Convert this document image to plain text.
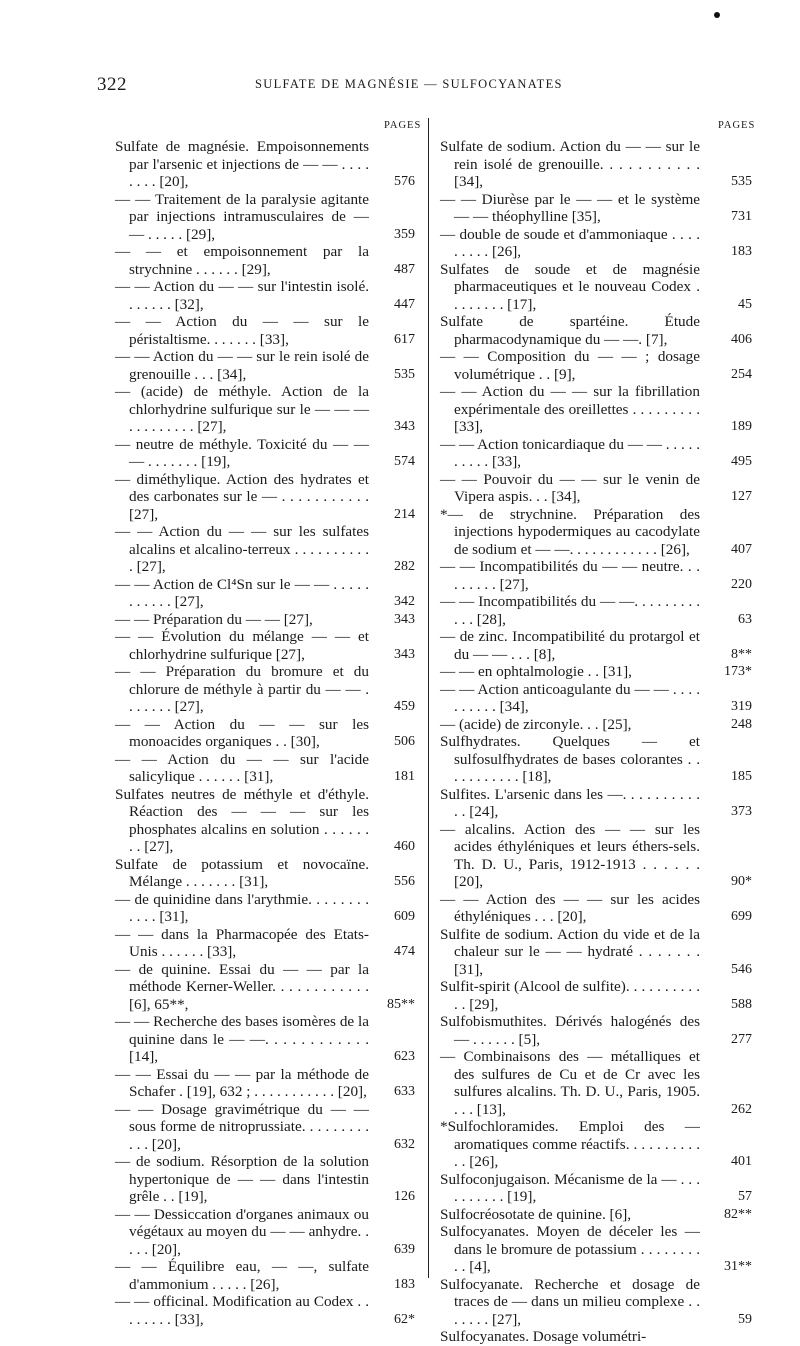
322	SULFATE DE MAGNÉSIE — SULFOCYANATES
PAGES	PAGES
Sulfate de magnésie. Empoisonnements par l'arsenic et injections de — — . . . . . . . . [20],	576
— — Traitement de la paralysie agitante par injections intramusculaires de — — . . . . . [29],	359
— — et empoisonnement par la strychnine . . . . . . [29],	487
— — Action du — — sur l'intestin isolé. . . . . . . [32],	447
— — Action du — — sur le péristaltisme. . . . . . . [33],	617
— — Action du — — sur le rein isolé de grenouille . . . [34],	535
— (acide) de méthyle. Action de la chlorhydrine sulfurique sur le — — — . . . . . . . . . [27],	343
— neutre de méthyle. Toxicité du — — — . . . . . . . [19],	574
— diméthylique. Action des hydrates et des carbonates sur le — . . . . . . . . . . . [27],	214
— — Action du — — sur les sulfates alcalins et alcalino-terreux . . . . . . . . . . . [27],	282
— — Action de Cl⁴Sn sur le — — . . . . . . . . . . . [27],	342
— — Préparation du — — [27],	343
— — Évolution du mélange — — et chlorhydrine sulfurique [27],	343
— — Préparation du bromure et du chlorure de méthyle à partir du — — . . . . . . . [27],	459
— — Action du — — sur les monoacides organiques . . [30],	506
— — Action du — — sur l'acide salicylique . . . . . . [31],	181
Sulfates neutres de méthyle et d'éthyle. Réaction des — — — sur les phosphates alcalins en solution . . . . . . . . [27],	460
Sulfate de potassium et novocaïne. Mélange . . . . . . . [31],	556
— de quinidine dans l'arythmie. . . . . . . . . . . . [31],	609
— — dans la Pharmacopée des Etats-Unis . . . . . . [33],	474
— de quinine. Essai du — — par la méthode Kerner-Weller. . . . . . . . . . . . [6], 65**,	85**
— — Recherche des bases isomères de la quinine dans le — —. . . . . . . . . . . . [14],	623
— — Essai du — — par la méthode de Schafer . [19], 632 ; . . . . . . . . . . . [20],	633
— — Dosage gravimétrique du — — sous forme de nitroprussiate. . . . . . . . . . . . [20],	632
— de sodium. Résorption de la solution hypertonique de — — dans l'intestin grêle . . [19],	126
— — Dessiccation d'organes animaux ou végétaux au moyen du — — anhydre. . . . . [20],	639
— — Équilibre eau, — —, sulfate d'ammonium . . . . . [26],	183
— — officinal. Modification au Codex . . . . . . . . [33],	62*
Sulfate de sodium. Action du — — sur le rein isolé de grenouille. . . . . . . . . . . [34],	535
— — Diurèse par le — — et le système — — théophylline [35],	731
— double de soude et d'ammoniaque . . . . . . . . . [26],	183
Sulfates de soude et de magnésie pharmaceutiques et le nouveau Codex . . . . . . . . [17],	45
Sulfate de spartéine. Étude pharmacodynamique du — —. [7],	406
— — Composition du — — ; dosage volumétrique . . [9],	254
— — Action du — — sur la fibrillation expérimentale des oreillettes . . . . . . . . . [33],	189
— — Action tonicardiaque du — — . . . . . . . . . . [33],	495
— — Pouvoir du — — sur le venin de Vipera aspis. . . [34],	127
*— de strychnine. Préparation des injections hypodermiques au cacodylate de sodium et — —. . . . . . . . . . . . [26],	407
— — Incompatibilités du — — neutre. . . . . . . . . [27],	220
— — Incompatibilités du — —. . . . . . . . . . . . [28],	63
— de zinc. Incompatibilité du protargol et du — — . . . [8],	8**
— — en ophtalmologie . . [31],	173*
— — Action anticoagulante du — — . . . . . . . . . . [34],	319
— (acide) de zirconyle. . . [25],	248
Sulfhydrates. Quelques — et sulfosulfhydrates de bases colorantes . . . . . . . . . . . [18],	185
Sulfites. L'arsenic dans les —. . . . . . . . . . . . [24],	373
— alcalins. Action des — — sur les acides éthyléniques et leurs éthers-sels. Th. D. U., Paris, 1912-1913 . . . . . . [20],	90*
— — Action des — — sur les acides éthyléniques . . . [20],	699
Sulfite de sodium. Action du vide et de la chaleur sur le — — hydraté . . . . . . . [31],	546
Sulfit-spirit (Alcool de sulfite). . . . . . . . . . . . [29],	588
Sulfobismuthites. Dérivés halogénés des — . . . . . . [5],	277
— Combinaisons des — métalliques et des sulfures de Cu et de Cr avec les sulfures alcalins. Th. D. U., Paris, 1905. . . . [13],	262
*Sulfochloramides. Emploi des — aromatiques comme réactifs. . . . . . . . . . . . [26],	401
Sulfoconjugaison. Mécanisme de la — . . . . . . . . . . [19],	57
Sulfocréosotate de quinine. [6],	82**
Sulfocyanates. Moyen de déceler les — dans le bromure de potassium . . . . . . . . . . [4],	31**
Sulfocyanate. Recherche et dosage de traces de — dans un milieu complexe . . . . . . . [27],	59
Sulfocyanates. Dosage volumétri-
